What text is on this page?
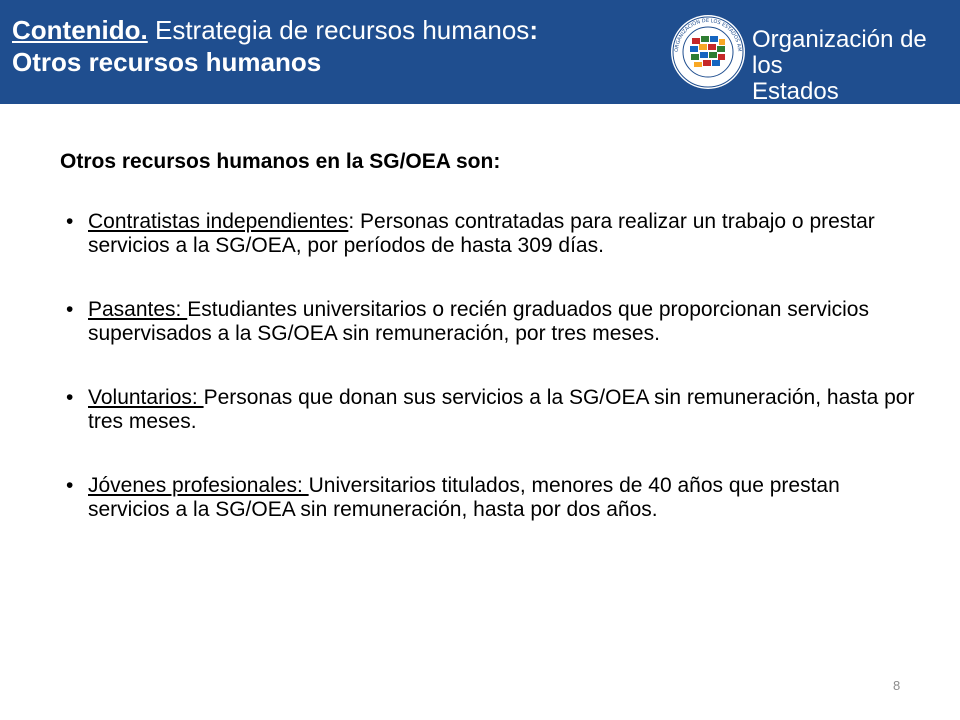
Contenido. Estrategia de recursos humanos:
Otros recursos humanos	ORGANIZACION DE LOS ESTADOS AM Organización de los
Estados Americanos
Otros recursos humanos en la SG/OEA son:
• Contratistas independientes: Personas contratadas para realizar un trabajo o prestar servicios a la SG/OEA, por períodos de hasta 309 días.
• Pasantes: Estudiantes universitarios o recién graduados que proporcionan servicios supervisados a la SG/OEA sin remuneración, por tres meses.
• Voluntarios: Personas que donan sus servicios a la SG/OEA sin remuneración, hasta por tres meses.
• Jóvenes profesionales: Universitarios titulados, menores de 40 años que prestan servicios a la SG/OEA sin remuneración, hasta por dos años.
8
